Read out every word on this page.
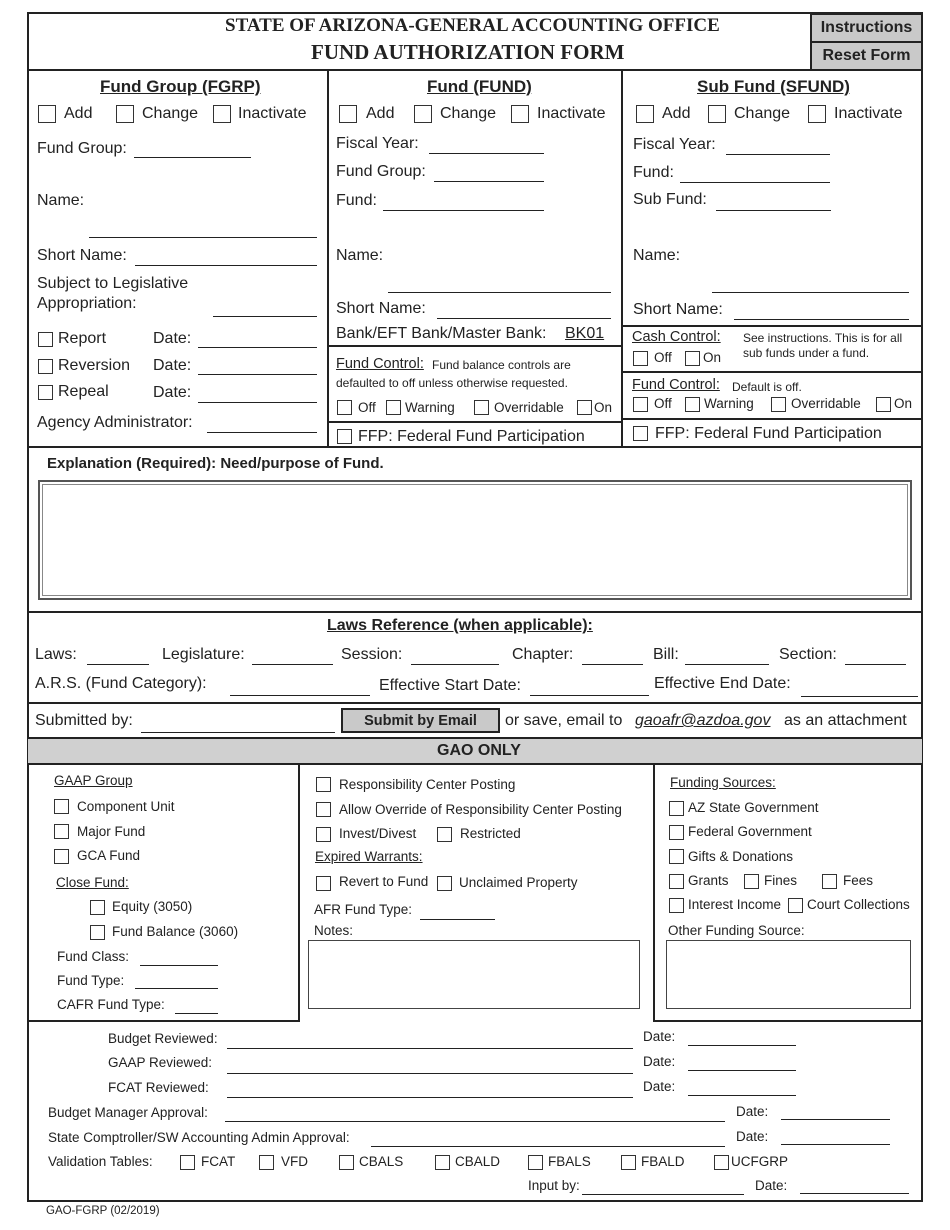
STATE OF ARIZONA-GENERAL ACCOUNTING OFFICE
FUND AUTHORIZATION FORM
Instructions
Reset Form
Fund Group (FGRP)
Add	Change Inactivate
Fund Group:
Name:
Short Name:
Subject to Legislative
Appropriation:
Report	Date:
Reversion Date:
Repeal	Date:
Agency Administrator:
Fund (FUND)
Add	Change	Inactivate
Fiscal Year:
Fund Group:
Fund:
Name:
Short Name:
Bank/EFT Bank/Master Bank: BK01
Fund Control: Fund balance controls are
defaulted to off unless otherwise requested.
Off Warning	Overridable On
FFP: Federal Fund Participation
Sub Fund (SFUND)
Add	Change	Inactivate
Fiscal Year:
Fund:
Sub Fund:
Name:
Short Name:
Cash Control: See instructions. This is for all
sub funds under a fund.
Off On
Fund Control: Default is off.
Off Warning	Overridable On
FFP: Federal Fund Participation
Explanation (Required): Need/purpose of Fund.
Laws Reference (when applicable):
Laws:	Legislature:	Session:	Chapter:	Bill:	Section:
A.R.S. (Fund Category):	Effective Start Date:	Effective End Date:
Submitted by:	Submit by Email	or save, email to gaoafr@azdoa.gov as an attachment
GAO ONLY
GAAP Group
Component Unit
Major Fund
GCA Fund
Close Fund:
Equity (3050)
Fund Balance (3060)
Fund Class:
Fund Type:
CAFR Fund Type:
Responsibility Center Posting
Allow Override of Responsibility Center Posting
Invest/Divest	Restricted
Expired Warrants:
Revert to Fund Unclaimed Property
AFR Fund Type:
Notes:
Funding Sources:
AZ State Government
Federal Government
Gifts & Donations
Grants	Fines	Fees
Interest Income Court Collections
Other Funding Source:
Budget Reviewed:	Date:
GAAP Reviewed:	Date:
FCAT Reviewed:	Date:
Budget Manager Approval:	Date:
State Comptroller/SW Accounting Admin Approval:	Date:
Validation Tables:	FCAT	VFD	CBALS	CBALD	FBALS	FBALD	UCFGRP
Input by:	Date:
GAO-FGRP (02/2019)
